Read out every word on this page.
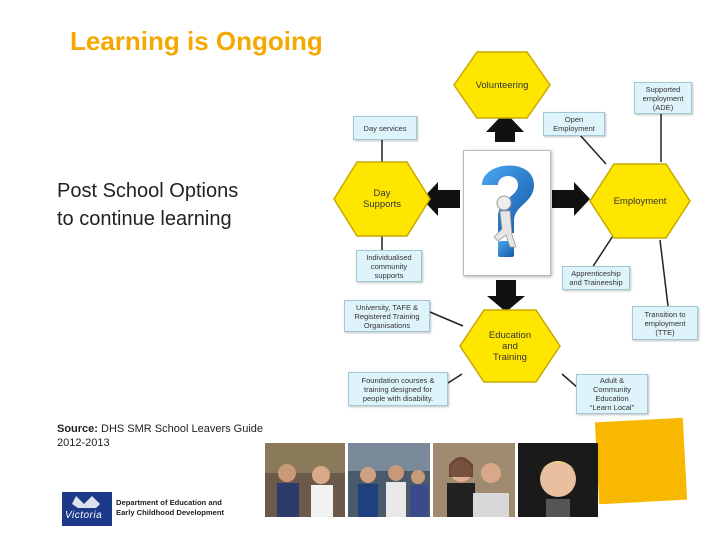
Learning is Ongoing
Post School Options
to continue learning
Source: DHS SMR School Leavers Guide 2012-2013
Victoria
Department of Education and
Early Childhood Development
Volunteering
Day
Supports	Employment
Education
and
Training
Supported
employment
(ADE)
Open
Employment
Day services
Individualised
community
supports	Apprenticeship
and Traineeship
University, TAFE &
Registered Training
Organisations
Transition to
employment
(TTE)
Foundation courses &
training designed for
people with disability.
Adult &
Community
Education
“Learn Local”
